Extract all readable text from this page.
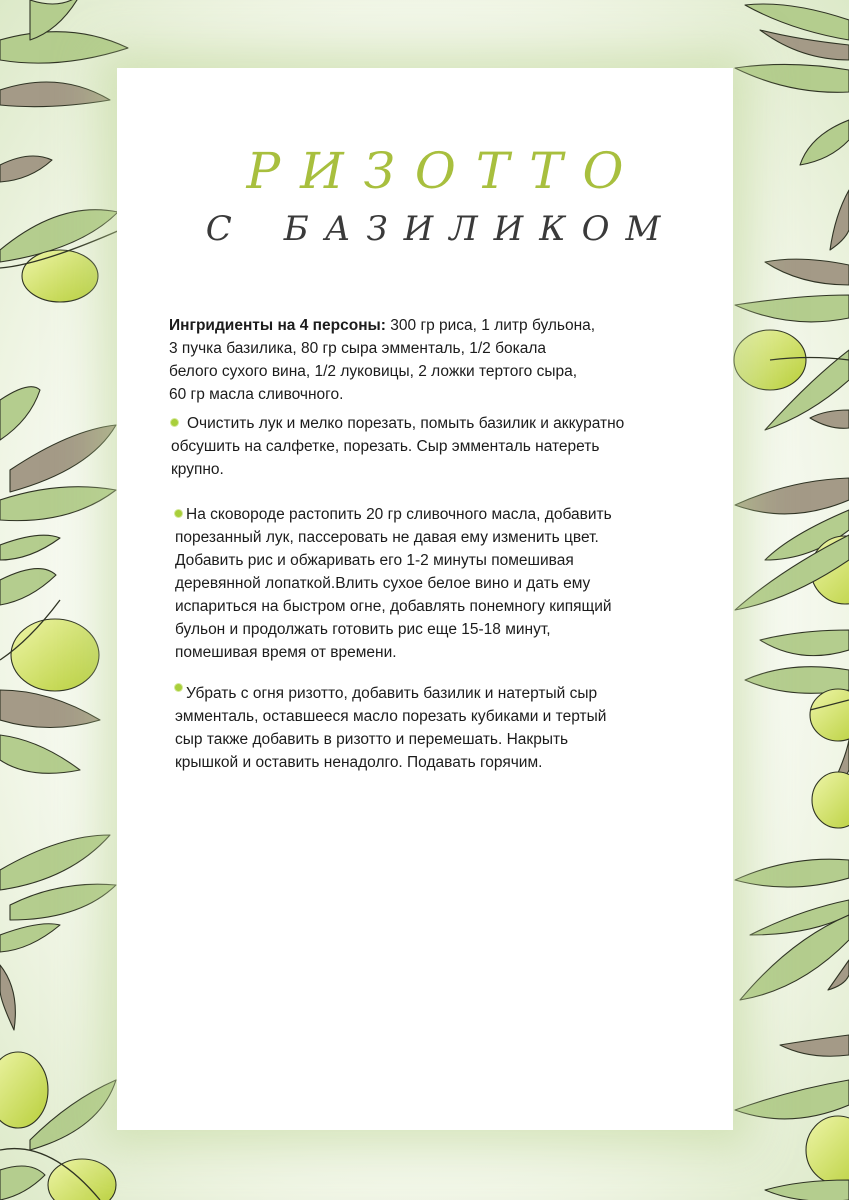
РИЗОТТО
С БАЗИЛИКОМ
Ингридиенты на 4 персоны: 300 гр риса, 1 литр бульона,
3 пучка базилика, 80 гр сыра эмменталь, 1/2 бокала
белого сухого вина, 1/2 луковицы, 2 ложки тертого сыра,
60 гр масла сливочного.
Очистить лук и мелко порезать, помыть базилик и аккуратно
обсушить на салфетке, порезать. Сыр эмменталь натереть
крупно.
На сковороде растопить 20 гр сливочного масла, добавить
порезанный лук, пассеровать не давая ему изменить цвет.
Добавить рис и обжаривать его 1-2 минуты помешивая
деревянной лопаткой.Влить сухое белое вино и дать ему
испариться на быстром огне, добавлять понемногу кипящий
бульон и продолжать готовить рис еще 15-18 минут,
помешивая время от времени.
Убрать с огня ризотто, добавить базилик и натертый сыр
эмменталь, оставшееся масло порезать кубиками и тертый
сыр также добавить в ризотто и перемешать. Накрыть
крышкой и оставить ненадолго. Подавать горячим.
